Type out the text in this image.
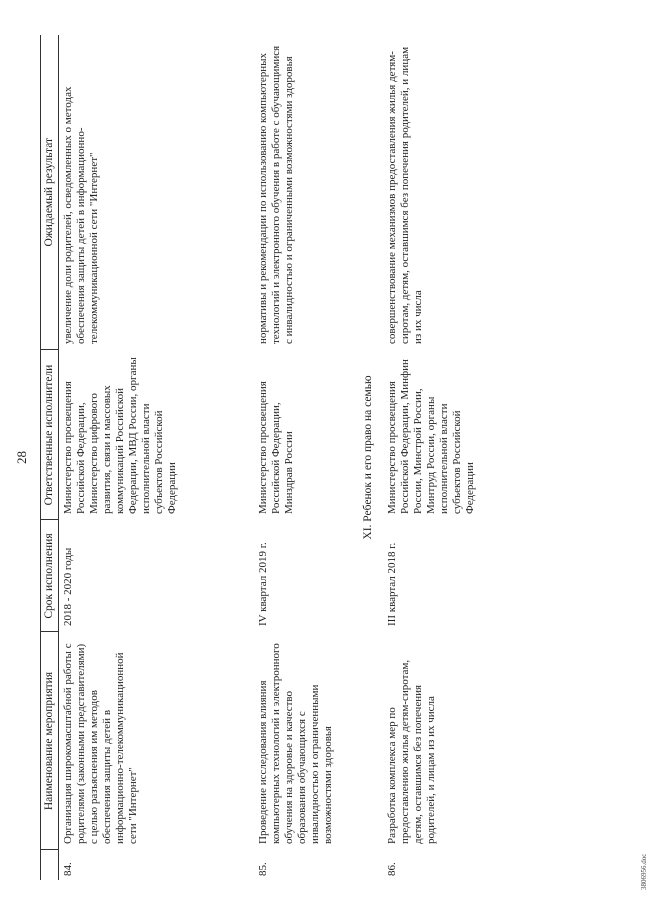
28
	Наименование мероприятия	Срок исполнения	Ответственные исполнители	Ожидаемый результат
84.	Организация широкомасштабной работы с родителями (законными представителями) с целью разъяснения им методов обеспечения защиты детей в информационно-телекоммуникационной сети "Интернет"	2018 - 2020 годы	Министерство просвещения Российской Федерации, Министерство цифрового развития, связи и массовых коммуникаций Российской Федерации, МВД России, органы исполнительной власти субъектов Российской Федерации	увеличение доли родителей, осведомленных о методах обеспечения защиты детей в информационно-телекоммуникационной сети "Интернет"
85.	Проведение исследования влияния компьютерных технологий и электронного обучения на здоровье и качество образования обучающихся с инвалидностью и ограниченными возможностями здоровья	IV квартал 2019 г.	Министерство просвещения Российской Федерации, Минздрав России	нормативы и рекомендации по использованию компьютерных технологий и электронного обучения в работе с обучающимися с инвалидностью и ограниченными возможностями здоровья
XI. Ребенок и его право на семью				
86.	Разработка комплекса мер по предоставлению жилья детям-сиротам, детям, оставшимся без попечения родителей, и лицам из их числа	III квартал 2018 г.	Министерство просвещения Российской Федерации, Минфин России, Минстрой России, Минтруд России, органы исполнительной власти субъектов Российской Федерации	совершенствование механизмов предоставления жилья детям-сиротам, детям, оставшимся без попечения родителей, и лицам из их числа
3806956.doc
